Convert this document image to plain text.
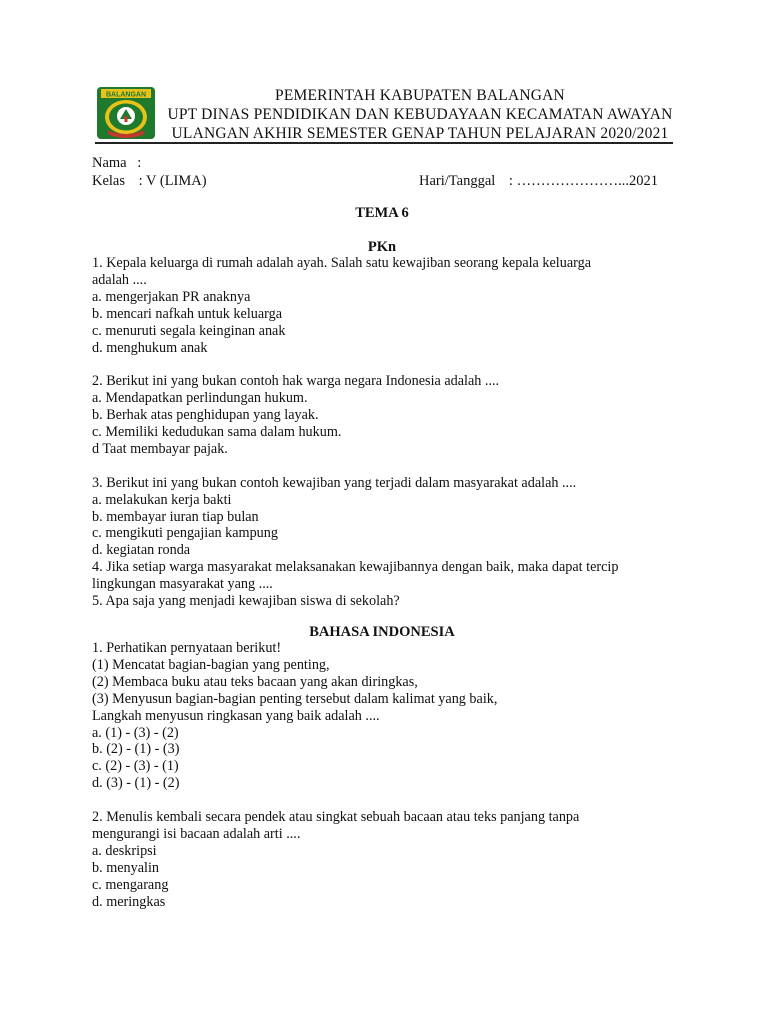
BALANGAN	PEMERINTAH KABUPATEN BALANGAN
UPT DINAS PENDIDIKAN DAN KEBUDAYAAN KECAMATAN AWAYAN
ULANGAN AKHIR SEMESTER GENAP TAHUN PELAJARAN 2020/2021
Nama :
Kelas : V (LIMA)	Hari/Tanggal : …………………...2021
TEMA 6
PKn

1. Kepala keluarga di rumah adalah ayah. Salah satu kewajiban seorang kepala keluarga

adalah ....

a. mengerjakan PR anaknya

b. mencari nafkah untuk keluarga

c. menuruti segala keinginan anak

d. menghukum anak

2. Berikut ini yang bukan contoh hak warga negara Indonesia adalah ....

a. Mendapatkan perlindungan hukum.

b. Berhak atas penghidupan yang layak.

c. Memiliki kedudukan sama dalam hukum.

d Taat membayar pajak.

3. Berikut ini yang bukan contoh kewajiban yang terjadi dalam masyarakat adalah ....

a. melakukan kerja bakti

b. membayar iuran tiap bulan

c. mengikuti pengajian kampung

d. kegiatan ronda

4. Jika setiap warga masyarakat melaksanakan kewajibannya dengan baik, maka dapat tercip

lingkungan masyarakat yang ....

5. Apa saja yang menjadi kewajiban siswa di sekolah?

BAHASA INDONESIA

1. Perhatikan pernyataan berikut!

(1) Mencatat bagian-bagian yang penting,

(2) Membaca buku atau teks bacaan yang akan diringkas,

(3) Menyusun bagian-bagian penting tersebut dalam kalimat yang baik,

Langkah menyusun ringkasan yang baik adalah ....

a. (1) - (3) - (2)

b. (2) - (1) - (3)

c. (2) - (3) - (1)

d. (3) - (1) - (2)

2. Menulis kembali secara pendek atau singkat sebuah bacaan atau teks panjang tanpa

mengurangi isi bacaan adalah arti ....

a. deskripsi

b. menyalin

c. mengarang

d. meringkas
